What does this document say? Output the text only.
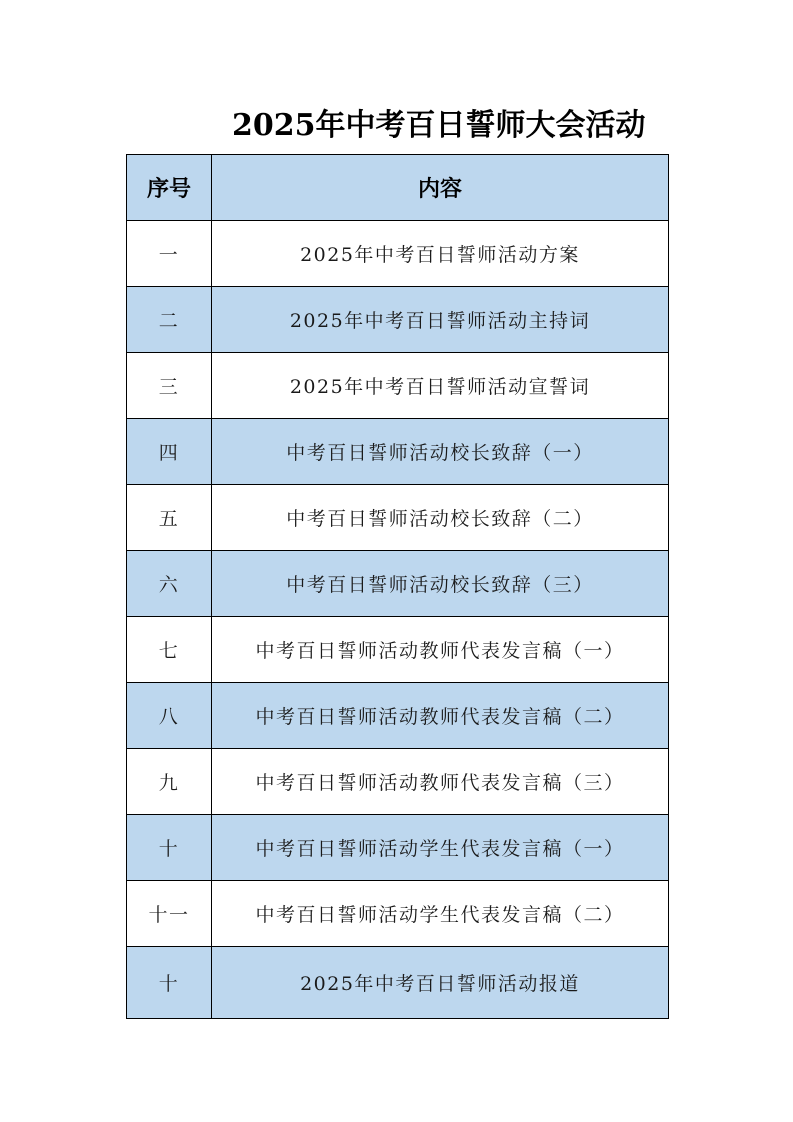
2025年中考百日誓师大会活动
序号	内容
一	2025年中考百日誓师活动方案
二	2025年中考百日誓师活动主持词
三	2025年中考百日誓师活动宣誓词
四	中考百日誓师活动校长致辞（一）
五	中考百日誓师活动校长致辞（二）
六	中考百日誓师活动校长致辞（三）
七	中考百日誓师活动教师代表发言稿（一）
八	中考百日誓师活动教师代表发言稿（二）
九	中考百日誓师活动教师代表发言稿（三）
十	中考百日誓师活动学生代表发言稿（一）
十一	中考百日誓师活动学生代表发言稿（二）
十	2025年中考百日誓师活动报道
